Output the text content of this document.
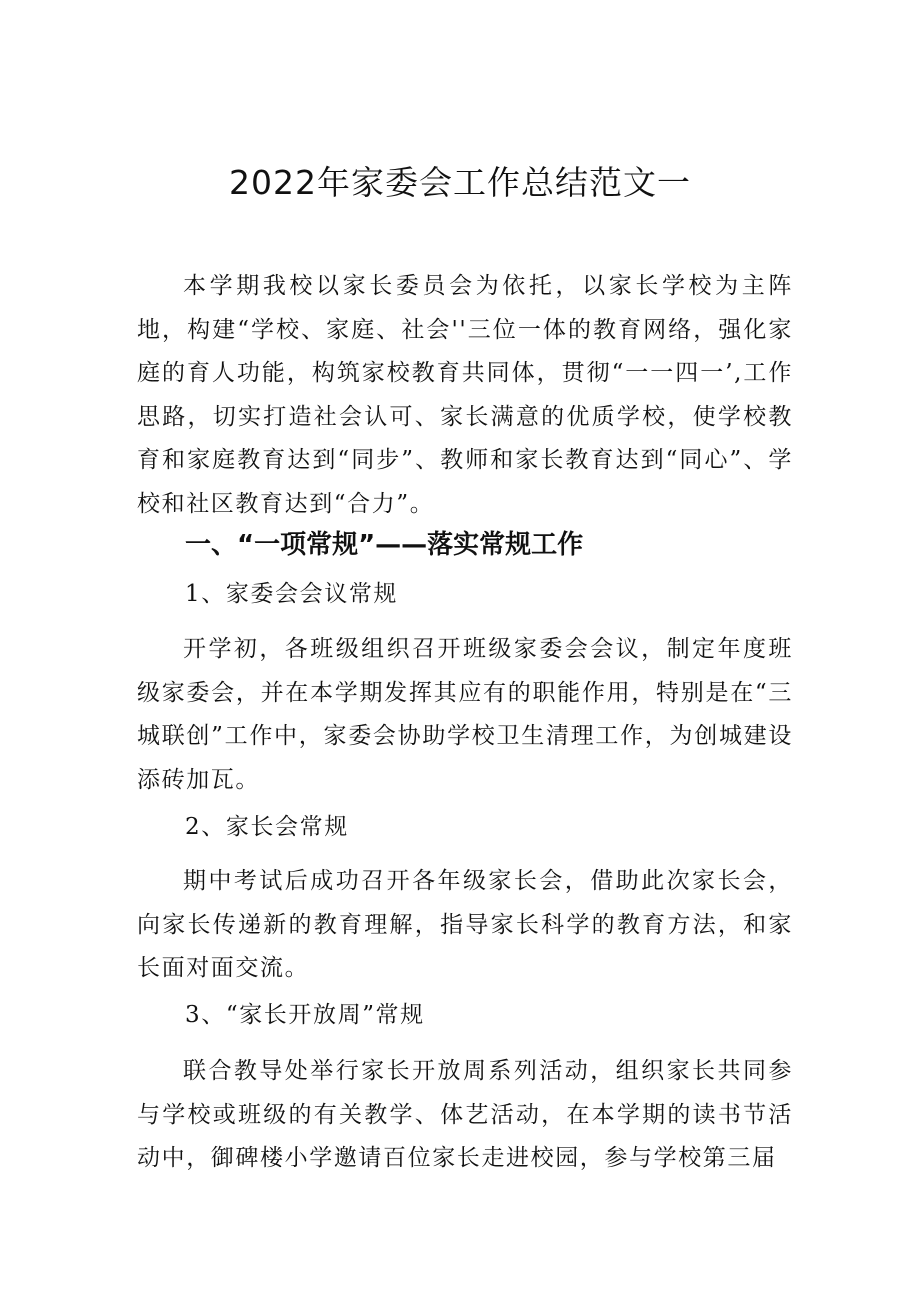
2022年家委会工作总结范文一

本学期我校以家长委员会为依托，以家长学校为主阵地，构建“学校、家庭、社会''三位一体的教育网络，强化家庭的育人功能，构筑家校教育共同体，贯彻“一一四一’,工作思路，切实打造社会认可、家长满意的优质学校，使学校教育和家庭教育达到“同步”、教师和家长教育达到“同心”、学校和社区教育达到“合力”。

一、“一项常规”——落实常规工作
1、家委会会议常规

开学初，各班级组织召开班级家委会会议，制定年度班级家委会，并在本学期发挥其应有的职能作用，特别是在“三城联创”工作中，家委会协助学校卫生清理工作，为创城建设添砖加瓦。

2、家长会常规

期中考试后成功召开各年级家长会，借助此次家长会，向家长传递新的教育理解，指导家长科学的教育方法，和家长面对面交流。

3、“家长开放周”常规

联合教导处举行家长开放周系列活动，组织家长共同参与学校或班级的有关教学、体艺活动，在本学期的读书节活动中，御碑楼小学邀请百位家长走进校园，参与学校第三届
